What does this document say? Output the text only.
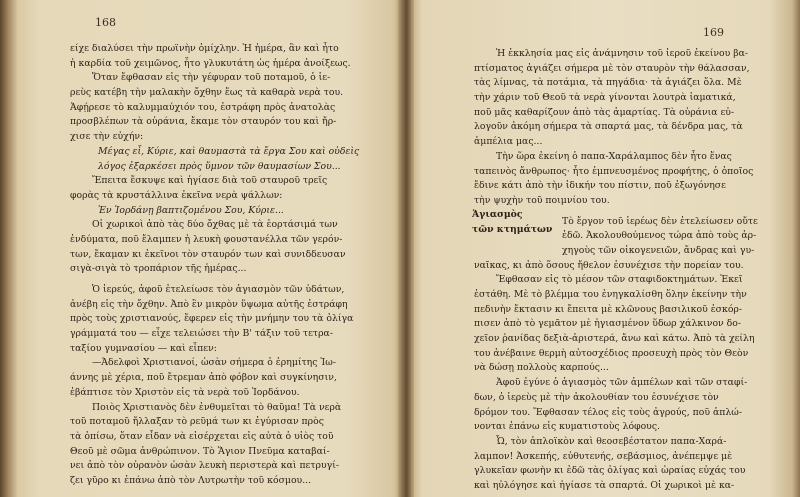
168
είχε διαλύσει τὴν πρωϊνὴν ὁμίχλην. Ἡ ἡμέρα, ἂν καὶ ἦτο
ἡ καρδία τοῦ χειμῶνος, ἦτο γλυκυτάτη ὡς ἡμέρα ἀνοίξεως.
Ὅταν ἔφθασαν εἰς τὴν γέφυραν τοῦ ποταμοῦ, ὁ ἱε-
ρεὺς κατέβη τὴν μαλακὴν ὄχθην ἕως τὰ καθαρὰ νερὰ του.
Ἀφῄρεσε τὸ καλυμμαύχιόν του, ἐστράφη πρὸς ἀνατολὰς
προσβλέπων τὰ οὐράνια, ἔκαμε τὸν σταυρόν του καὶ ἤρ-
χισε τὴν εὐχήν:
Μέγας εἶ, Κύριε, καὶ θαυμαστὰ τὰ ἔργα Σου καὶ οὐδεὶς
λόγος ἐξαρκέσει πρὸς ὕμνον τῶν θαυμασίων Σου...
Ἔπειτα ἔσκυψε καὶ ἡγίασε διὰ τοῦ σταυροῦ τρεῖς
φορὰς τὰ κρυστάλλινα ἐκεῖνα νερὰ ψάλλων:
Ἐν Ἰορδάνῃ βαπτιζομένου Σου, Κύριε...
Οἱ χωρικοὶ ἀπὸ τὰς δύο ὄχθας μὲ τὰ ἑορτάσιμά των
ἐνδύματα, ποῦ ἔλαμπεν ἡ λευκὴ φουστανέλλα τῶν γερόν-
των, ἔκαμαν κι ἐκεῖνοι τὸν σταυρόν των καὶ συνιδδευσαν
σιγὰ-σιγὰ τὸ τροπάριον τῆς ἡμέρας...
Ὁ ἱερεύς, ἀφοῦ ἐτελείωσε τὸν ἁγιασμὸν τῶν ὑδάτων,
ἀνέβη εἰς τὴν ὄχθην. Ἀπὸ ἓν μικρὸν ὕψωμα αὐτῆς ἐστράφη
πρὸς τοὺς χριστιανούς, ἔφερεν εἰς τὴν μνήμην του τὰ ὀλίγα
γράμματά του — εἶχε τελειώσει τὴν Β' τάξιν τοῦ τετρα-
ταξίου γυμνασίου — καὶ εἶπεν:
—Ἀδελφοὶ Χριστιανοί, ὡσὰν σήμερα ὁ ἐρημίτης Ἰω-
άννης μὲ χέρια, ποῦ ἔτρεμαν ἀπὸ φόβον καὶ συγκίνησιν,
ἐβάπτισε τὸν Χριστὸν εἰς τὰ νερὰ τοῦ Ἰορδάνου.
Ποιὸς Χριστιανὸς δὲν ἐνθυμεῖται τὸ θαῦμα! Τὰ νερὰ
τοῦ ποταμοῦ ἤλλαξαν τὸ ρεῦμά των κι ἐγύρισαν πρὸς
τὰ ὀπίσω, ὅταν εἶδαν νὰ εἰσέρχεται εἰς αὐτὰ ὁ υἱὸς τοῦ
Θεοῦ μὲ σῶμα ἀνθρώπινον. Τὸ Ἅγιον Πνεῦμα καταβαί-
νει ἀπὸ τὸν οὐρανὸν ὡσὰν λευκὴ περιστερὰ καὶ πετρυγί-
ζει γῦρο κι ἐπάνω ἀπὸ τὸν Λυτρωτὴν τοῦ κόσμου...
169
Ἡ ἐκκλησία μας εἰς ἀνάμνησιν τοῦ ἱεροῦ ἐκείνου βα-
πτίσματος ἁγιάζει σήμερα μὲ τὸν σταυρὸν τὴν θάλασσαν,
τὰς λίμνας, τὰ ποτάμια, τὰ πηγάδια· τὰ ἁγιάζει ὅλα. Μὲ
τὴν χάριν τοῦ Θεοῦ τὰ νερὰ γίνονται λουτρὰ ἰαματικά,
ποῦ μᾶς καθαρίζουν ἀπὸ τὰς ἁμαρτίας. Τὰ οὐράνια εὐ-
λογοῦν ἀκόμη σήμερα τὰ σπαρτά μας, τὰ δένδρα μας, τὰ
ἀμπέλια μας...
Τὴν ὥρα ἐκείνη ὁ παπα-Χαράλαμπος δὲν ἦτο ἕνας
ταπεινὸς ἄνθρωπος· ἦτο ἐμπνευσμένος προφήτης, ὁ ὁποῖος
ἔδινε κάτι ἀπὸ τὴν ἰδικήν του πίστιν, ποῦ ἐξωγόνησε
τὴν ψυχὴν τοῦ ποιμνίου του.
Τὸ ἔργον τοῦ ἱερέως δὲν ἐτελείωσεν οὔτε
ἐδῶ. Ἀκολουθούμενος τώρα ἀπὸ τοὺς ἀρ-
χηγοὺς τῶν οἰκογενειῶν, ἄνδρας καὶ γυ-
ναῖκας, κι ἀπὸ ὅσους ἤθελον ἐσυνέχισε τὴν πορείαν του.
Ἔφθασαν εἰς τὸ μέσον τῶν σταφιδοκτημάτων. Ἐκεῖ
ἐστάθη. Μὲ τὸ βλέμμα του ἐνηγκαλίσθη ὅλην ἐκείνην τὴν
πεδινὴν ἔκτασιν κι ἔπειτα μὲ κλῶνους βασιλικοῦ ἐσκόρ-
πισεν ἀπὸ τὸ γεμᾶτον μὲ ἡγιασμένον ὕδωρ χάλκινον δο-
χεῖον ῥανίδας δεξιὰ-ἀριστερά, ἄνω καὶ κάτω. Ἀπὸ τὰ χείλη
του ἀνέβαινε θερμὴ αὐτοσχέδιος προσευχὴ πρὸς τὸν Θεὸν
νὰ δώσῃ πολλοὺς καρπούς...
Ἀφοῦ ἐγύνε ὁ ἁγιασμὸς τῶν ἀμπέλων καὶ τῶν σταφί-
δων, ὁ ἱερεὺς μὲ τὴν ἀκολουθίαν του ἐσυνέχισε τὸν
δρόμον του. Ἔφθασαν τέλος εἰς τοὺς ἀγρούς, ποῦ ἁπλώ-
νονται ἐπάνω εἰς κυματιστοὺς λόφους.
Ὦ, τὸν ἁπλοϊκὸν καὶ θεοσεβέστατον παπα-Χαρά-
λαμπον! Ἀσκεπής, εὐθυτενής, σεβάσμιος, ἀνέπεμψε μὲ
γλυκεῖαν φωνὴν κι ἐδῶ τὰς ὀλίγας καὶ ὡραίας εὐχάς του
καὶ ηὐλόγησε καὶ ἡγίασε τὰ σπαρτά. Οἱ χωρικοὶ μὲ κα-
Ἁγιασμὸς
τῶν κτημάτων
